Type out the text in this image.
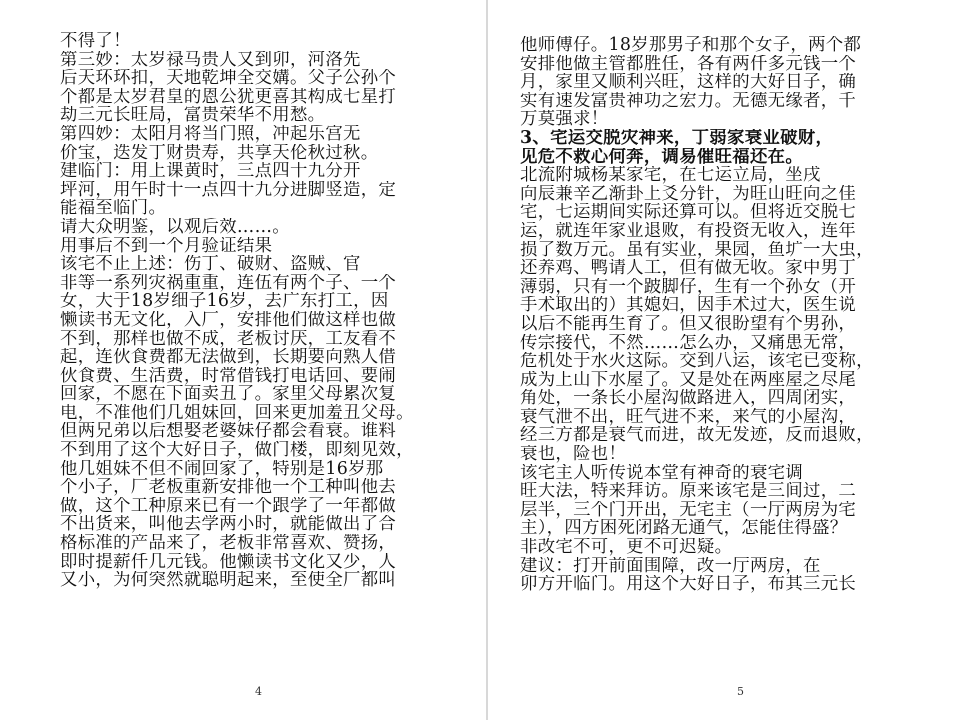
不得了！
第三妙：太岁禄马贵人又到卯，河洛先
后天环环扣，天地乾坤全交媾。父子公孙个
个都是太岁君皇的恩公犹更喜其构成七星打
劫三元长旺局，富贵荣华不用愁。
第四妙：太阳月将当门照，冲起乐宫无
价宝，迭发丁财贵寿，共享天伦秋过秋。
建临门：用上课黄时，三点四十九分开
坪河，用午时十一点四十九分进脚竖造，定
能福至临门。
请大众明鉴，以观后效……。
用事后不到一个月验证结果
该宅不止上述：伤丁、破财、盗贼、官
非等一系列灾祸重重，连伍有两个子、一个
女，大于18岁细子16岁，去广东打工，因
懒读书无文化，入厂，安排他们做这样也做
不到，那样也做不成，老板讨厌，工友看不
起，连伙食费都无法做到，长期要向熟人借
伙食费、生活费，时常借钱打电话回、要闹
回家，不愿在下面卖丑了。家里父母累次复
电，不准他们几姐妹回，回来更加羞丑父母。
但两兄弟以后想娶老婆妹仔都会看衰。谁料
不到用了这个大好日子，做门楼，即刻见效，
他几姐妹不但不闹回家了，特别是16岁那
个小子，厂老板重新安排他一个工种叫他去
做，这个工种原来已有一个跟学了一年都做
不出货来，叫他去学两小时，就能做出了合
格标准的产品来了，老板非常喜欢、赞扬，
即时提薪仟几元钱。他懒读书文化又少，人
又小，为何突然就聪明起来，至使全厂都叫
4
他师傅仔。18岁那男子和那个女子，两个都
安排他做主管都胜任，各有两仟多元钱一个
月，家里又顺利兴旺，这样的大好日子，确
实有速发富贵神功之宏力。无德无缘者，千
万莫强求！
3、宅运交脱灾神来，丁弱家衰业破财，
见危不救心何奔，调易催旺福还在。
北流附城杨某家宅，在七运立局，坐戌
向辰兼辛乙渐卦上爻分针，为旺山旺向之佳
宅，七运期间实际还算可以。但将近交脱七
运，就连年家业退败，有投资无收入，连年
损了数万元。虽有实业，果园，鱼圹一大虫，
还养鸡、鸭请人工，但有做无收。家中男丁
薄弱，只有一个跛脚仔，生有一个孙女（开
手术取出的）其媳妇，因手术过大，医生说
以后不能再生育了。但又很盼望有个男孙，
传宗接代，不然……怎么办，又痛患无常，
危机处于水火这际。交到八运，该宅已变称，
成为上山下水屋了。又是处在两座屋之尽尾
角处，一条长小屋沟做路进入，四周闭实，
衰气泄不出，旺气进不来，来气的小屋沟，
经三方都是衰气而进，故无发迹，反而退败，
衰也，险也！
该宅主人听传说本堂有神奇的衰宅调
旺大法，特来拜访。原来该宅是三间过，二
层半，三个门开出，无宅主（一厅两房为宅
主），四方困死闭路无通气，怎能住得盛？
非改宅不可，更不可迟疑。
建议：打开前面围障，改一厅两房，在
卯方开临门。用这个大好日子，布其三元长
5
